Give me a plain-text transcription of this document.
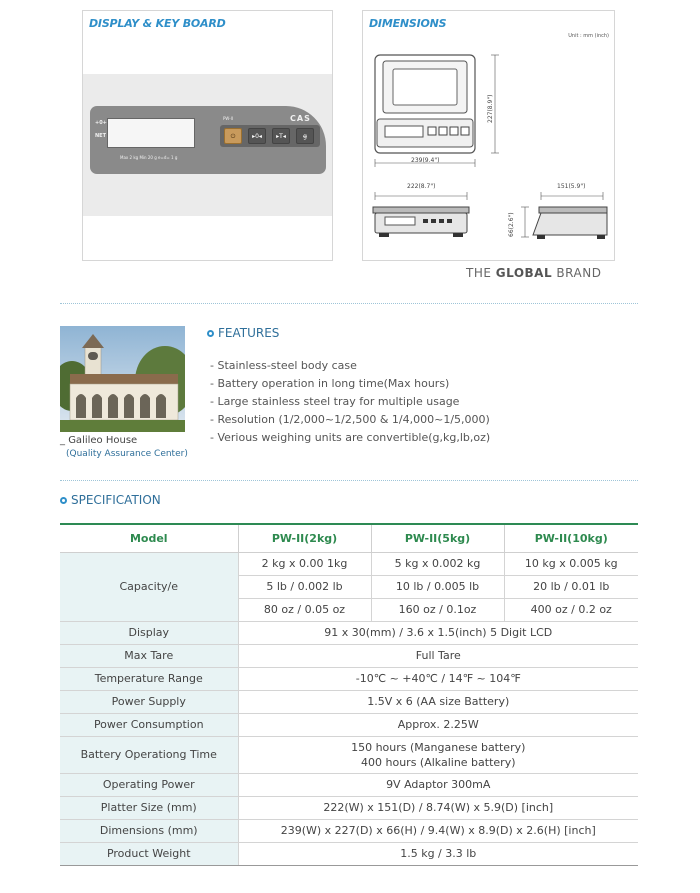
DISPLAY & KEY BOARD
+0+
NET
Max 2 kg Min 20 g e=d= 1 g
PW-II	CAS
⏻	▸0◂	▸T◂	g̶
DIMENSIONS
Unit : mm (inch)
239(9.4")
227(8.9")
222(8.7")	151(5.9")
66(2.6")
THE GLOBAL BRAND
_ Galileo House
(Quality Assurance Center)
FEATURES
- Stainless-steel body case
- Battery operation in long time(Max hours)
- Large stainless steel tray for multiple usage
- Resolution (1/2,000~1/2,500 & 1/4,000~1/5,000)
- Verious weighing units are convertible(g,kg,lb,oz)
SPECIFICATION
Model	PW-II(2kg)	PW-II(5kg)	PW-II(10kg)
Capacity/e	2 kg x 0.00 1kg	5 kg x 0.002 kg	10 kg x 0.005 kg
	5 lb / 0.002 lb	10 lb / 0.005 lb	20 lb / 0.01 lb
	80 oz / 0.05 oz	160 oz / 0.1oz	400 oz / 0.2 oz
Display	91 x 30(mm) / 3.6 x 1.5(inch) 5 Digit LCD		
Max Tare	Full Tare		
Temperature Range	-10℃ ~ +40℃ / 14℉ ~ 104℉		
Power Supply	1.5V x 6 (AA size Battery)		
Power Consumption	Approx. 2.25W		
Battery Operationg Time	150 hours (Manganese battery)
400 hours (Alkaline battery)		

Operating Power	9V Adaptor 300mA		
Platter Size (mm)	222(W) x 151(D) / 8.74(W) x 5.9(D) [inch]		
Dimensions (mm)	239(W) x 227(D) x 66(H) / 9.4(W) x 8.9(D) x 2.6(H) [inch]		
Product Weight	1.5 kg / 3.3 lb		
